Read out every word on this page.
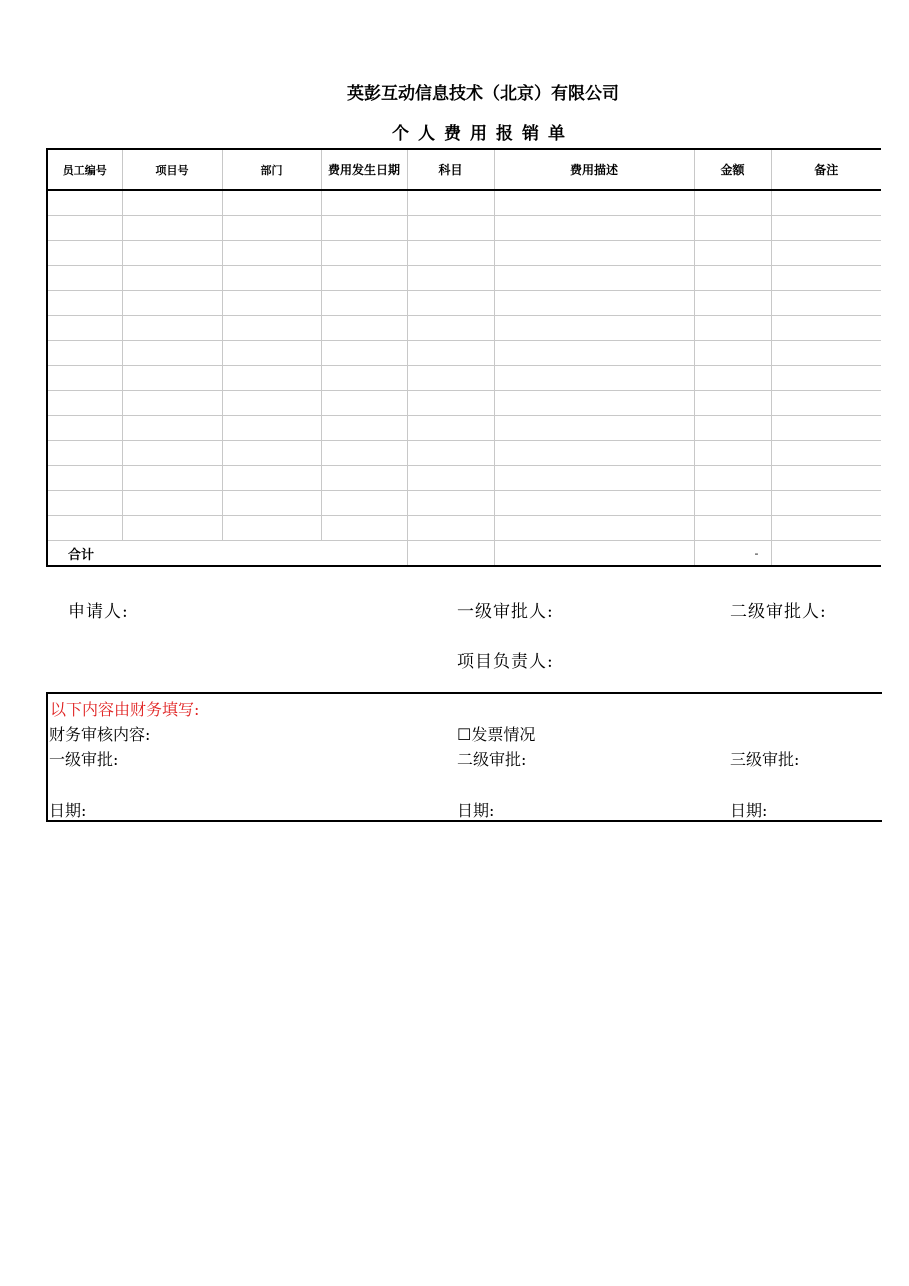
英彭互动信息技术（北京）有限公司
个人费用报销单
员工编号	项目号	部门	费用发生日期	科目	费用描述	金额	备注

合计						-	
申请人:	一级审批人:	二级审批人:
项目负责人:
以下内容由财务填写:
财务审核内容:	☐发票情况
一级审批:	二级审批:	三级审批:
日期:	日期:	日期:
